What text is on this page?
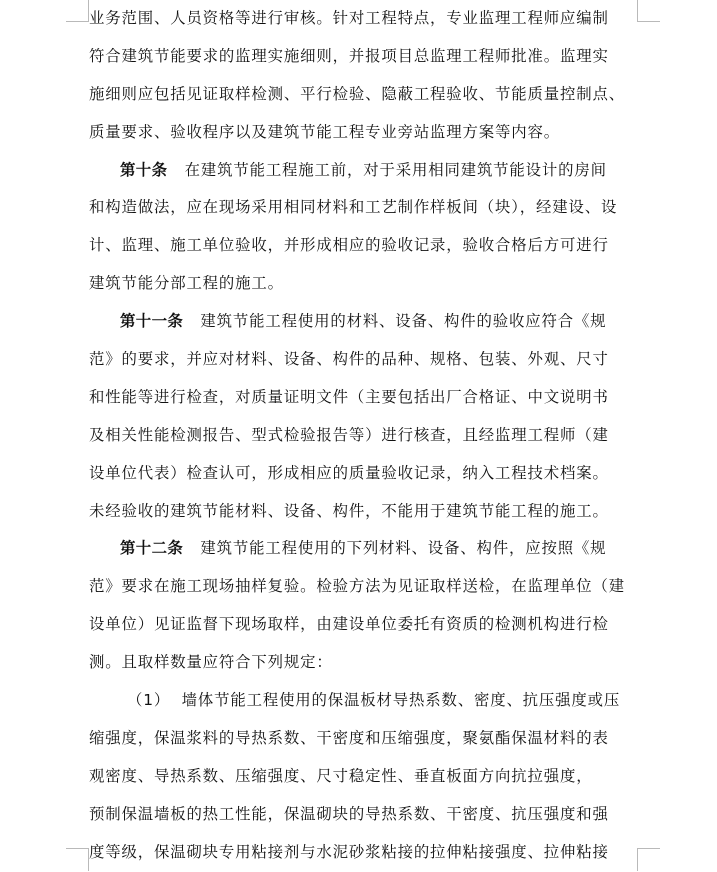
业务范围、人员资格等进行审核。针对工程特点，专业监理工程师应编制
符合建筑节能要求的监理实施细则，并报项目总监理工程师批准。监理实
施细则应包括见证取样检测、平行检验、隐蔽工程验收、节能质量控制点、
质量要求、验收程序以及建筑节能工程专业旁站监理方案等内容。
第十条 在建筑节能工程施工前，对于采用相同建筑节能设计的房间
和构造做法，应在现场采用相同材料和工艺制作样板间（块），经建设、设
计、监理、施工单位验收，并形成相应的验收记录，验收合格后方可进行
建筑节能分部工程的施工。
第十一条 建筑节能工程使用的材料、设备、构件的验收应符合《规
范》的要求，并应对材料、设备、构件的品种、规格、包装、外观、尺寸
和性能等进行检查，对质量证明文件（主要包括出厂合格证、中文说明书
及相关性能检测报告、型式检验报告等）进行核查，且经监理工程师（建
设单位代表）检查认可，形成相应的质量验收记录，纳入工程技术档案。
未经验收的建筑节能材料、设备、构件，不能用于建筑节能工程的施工。
第十二条 建筑节能工程使用的下列材料、设备、构件，应按照《规
范》要求在施工现场抽样复验。检验方法为见证取样送检，在监理单位（建
设单位）见证监督下现场取样，由建设单位委托有资质的检测机构进行检
测。且取样数量应符合下列规定：
（1） 墙体节能工程使用的保温板材导热系数、密度、抗压强度或压
缩强度，保温浆料的导热系数、干密度和压缩强度，聚氨酯保温材料的表
观密度、导热系数、压缩强度、尺寸稳定性、垂直板面方向抗拉强度，
预制保温墙板的热工性能，保温砌块的导热系数、干密度、抗压强度和强
度等级，保温砌块专用粘接剂与水泥砂浆粘接的拉伸粘接强度、拉伸粘接
